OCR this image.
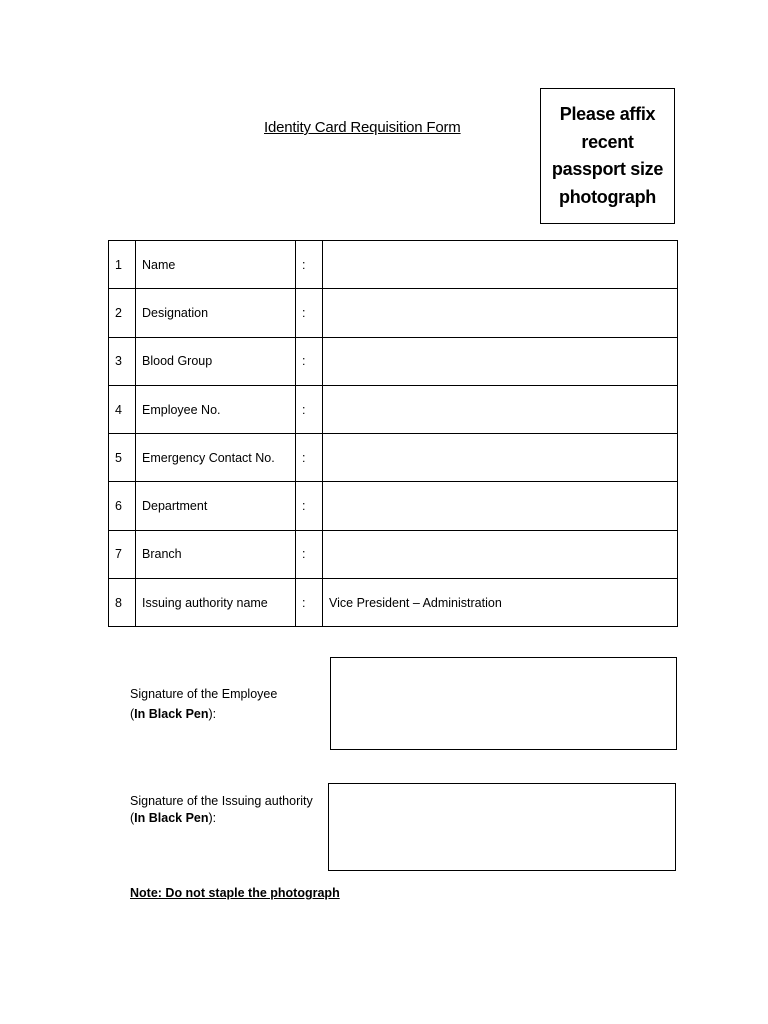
Identity Card Requisition Form
Please affix recent passport size photograph
1	Name	:	
2	Designation	:	
3	Blood Group	:	
4	Employee No.	:	
5	Emergency Contact No.	:	
6	Department	:	
7	Branch	:	
8	Issuing authority name	:	Vice President – Administration
Signature of the Employee
(In Black Pen):
Signature of the Issuing authority
(In Black Pen):
Note: Do not staple the photograph
